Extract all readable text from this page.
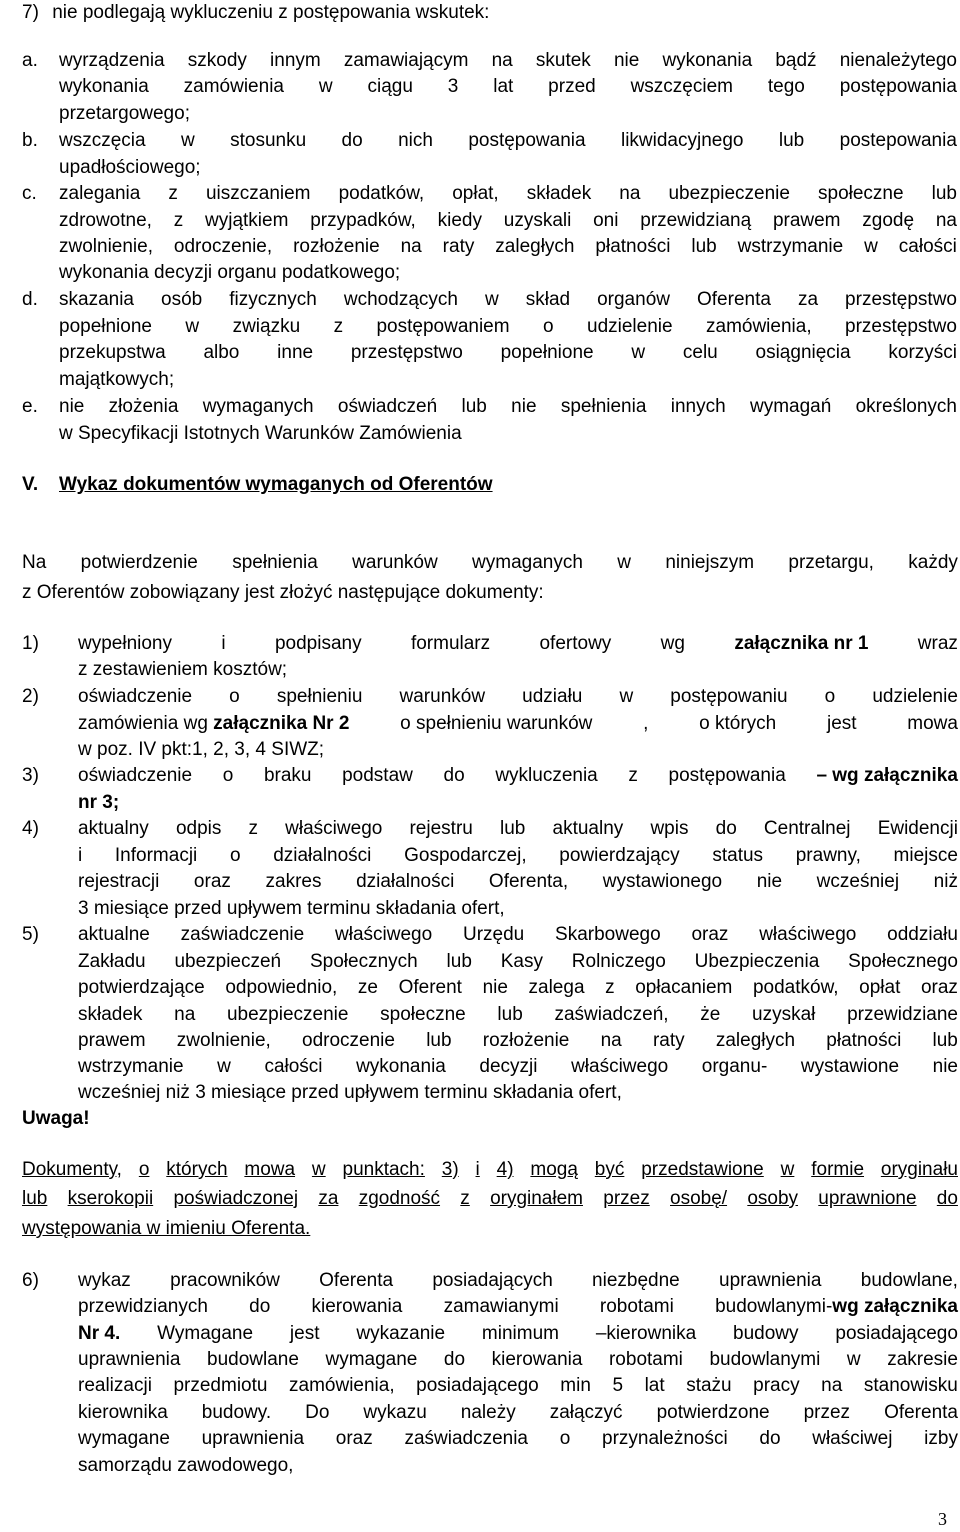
7) nie podlegają wykluczeniu z postępowania wskutek:
a. wyrządzenia szkody innym zamawiającym na skutek nie wykonania bądź nienależytego
wykonania zamówienia w ciągu 3 lat przed wszczęciem tego postępowania
przetargowego;
b. wszczęcia w stosunku do nich postępowania likwidacyjnego lub postepowania
upadłościowego;
c. zalegania z uiszczaniem podatków, opłat, składek na ubezpieczenie społeczne lub
zdrowotne, z wyjątkiem przypadków, kiedy uzyskali oni przewidzianą prawem zgodę na
zwolnienie, odroczenie, rozłożenie na raty zaległych płatności lub wstrzymanie w całości
wykonania decyzji organu podatkowego;
d. skazania osób fizycznych wchodzących w skład organów Oferenta za przestępstwo
popełnione w związku z postępowaniem o udzielenie zamówienia, przestępstwo
przekupstwa albo inne przestępstwo popełnione w celu osiągnięcia korzyści
majątkowych;
e. nie złożenia wymaganych oświadczeń lub nie spełnienia innych wymagań określonych
w Specyfikacji Istotnych Warunków Zamówienia
V. Wykaz dokumentów wymaganych od Oferentów
Na potwierdzenie spełnienia warunków wymaganych w niniejszym przetargu, każdy
z Oferentów zobowiązany jest złożyć następujące dokumenty:
1) wypełniony	i	podpisany	formularz	ofertowy	wg	załącznika nr 1	wraz
z zestawieniem kosztów;
2) oświadczenie o spełnieniu warunków udziału w postępowaniu o udzielenie
zamówienia wg załącznika Nr 2	o spełnieniu warunków	,	o których	jest	mowa
w poz. IV pkt:1, 2, 3, 4 SIWZ;
3) oświadczenie o braku podstaw do wykluczenia z postępowania – wg załącznika
nr 3;
4) aktualny odpis z właściwego rejestru lub aktualny wpis do Centralnej Ewidencji
i Informacji o działalności Gospodarczej, powierdzający status prawny, miejsce
rejestracji oraz zakres działalności Oferenta, wystawionego nie wcześniej niż
3 miesiące przed upływem terminu składania ofert,
5) aktualne zaświadczenie właściwego Urzędu Skarbowego oraz właściwego oddziału
Zakładu ubezpieczeń Społecznych lub Kasy Rolniczego Ubezpieczenia Społecznego
potwierdzające odpowiednio, ze Oferent nie zalega z opłacaniem podatków, opłat oraz
składek na ubezpieczenie społeczne lub zaświadczeń, że uzyskał przewidziane
prawem zwolnienie, odroczenie lub rozłożenie na raty zaległych płatności lub
wstrzymanie w całości wykonania decyzji właściwego organu- wystawione nie
wcześniej niż 3 miesiące przed upływem terminu składania ofert,
Uwaga!
Dokumenty, o których mowa w punktach: 3) i 4) mogą być przedstawione w formie oryginału
lub kserokopii poświadczonej za zgodność z oryginałem przez osobę/ osoby uprawnione do
występowania w imieniu Oferenta.
6) wykaz pracowników Oferenta posiadających niezbędne uprawnienia budowlane,
przewidzianych do kierowania zamawianymi robotami budowlanymi-wg załącznika
Nr 4. Wymagane jest wykazanie minimum –kierownika budowy posiadającego
uprawnienia budowlane wymagane do kierowania robotami budowlanymi w zakresie
realizacji przedmiotu zamówienia, posiadającego min 5 lat stażu pracy na stanowisku
kierownika budowy. Do wykazu należy załączyć potwierdzone przez Oferenta
wymagane uprawnienia oraz zaświadczenia o przynależności do właściwej izby
samorządu zawodowego,
3
